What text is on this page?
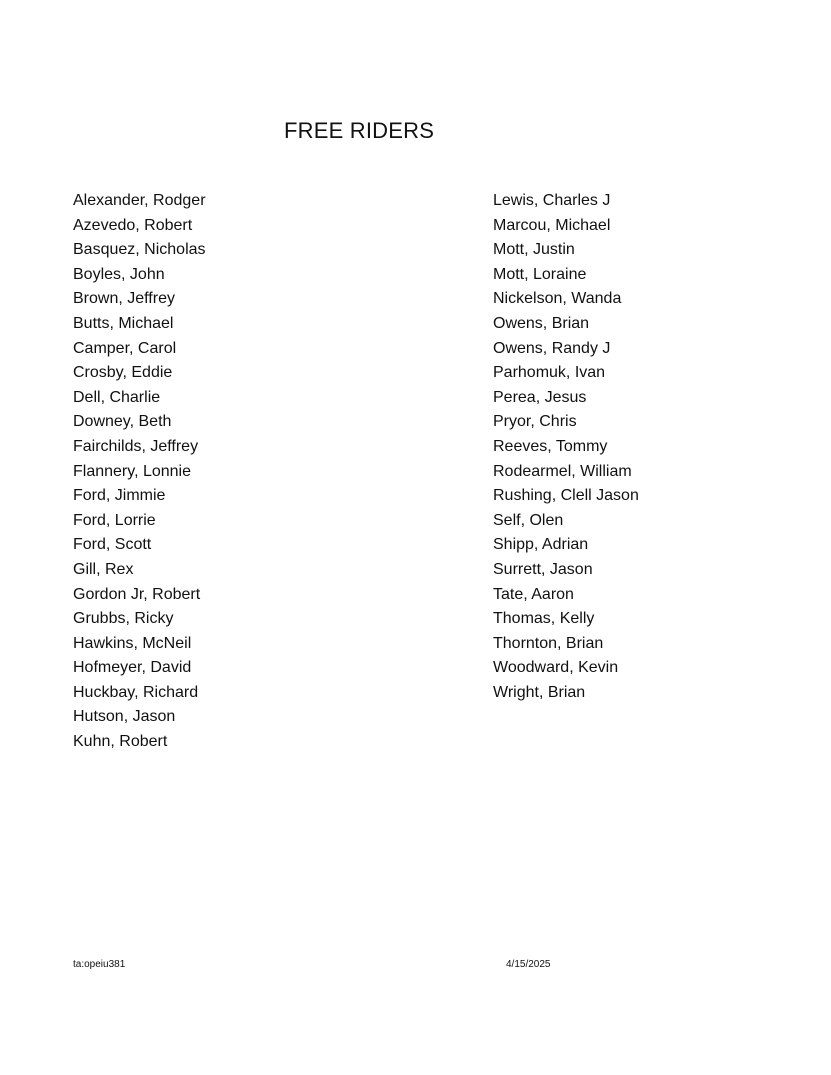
FREE RIDERS
Alexander, Rodger
Azevedo, Robert
Basquez, Nicholas
Boyles, John
Brown, Jeffrey
Butts, Michael
Camper, Carol
Crosby, Eddie
Dell, Charlie
Downey, Beth
Fairchilds, Jeffrey
Flannery, Lonnie
Ford, Jimmie
Ford, Lorrie
Ford, Scott
Gill, Rex
Gordon Jr, Robert
Grubbs, Ricky
Hawkins, McNeil
Hofmeyer, David
Huckbay, Richard
Hutson, Jason
Kuhn, Robert
Lewis, Charles J
Marcou, Michael
Mott, Justin
Mott, Loraine
Nickelson, Wanda
Owens, Brian
Owens, Randy J
Parhomuk, Ivan
Perea, Jesus
Pryor, Chris
Reeves, Tommy
Rodearmel, William
Rushing, Clell Jason
Self, Olen
Shipp, Adrian
Surrett, Jason
Tate, Aaron
Thomas, Kelly
Thornton, Brian
Woodward, Kevin
Wright, Brian
ta:opeiu381	4/15/2025
